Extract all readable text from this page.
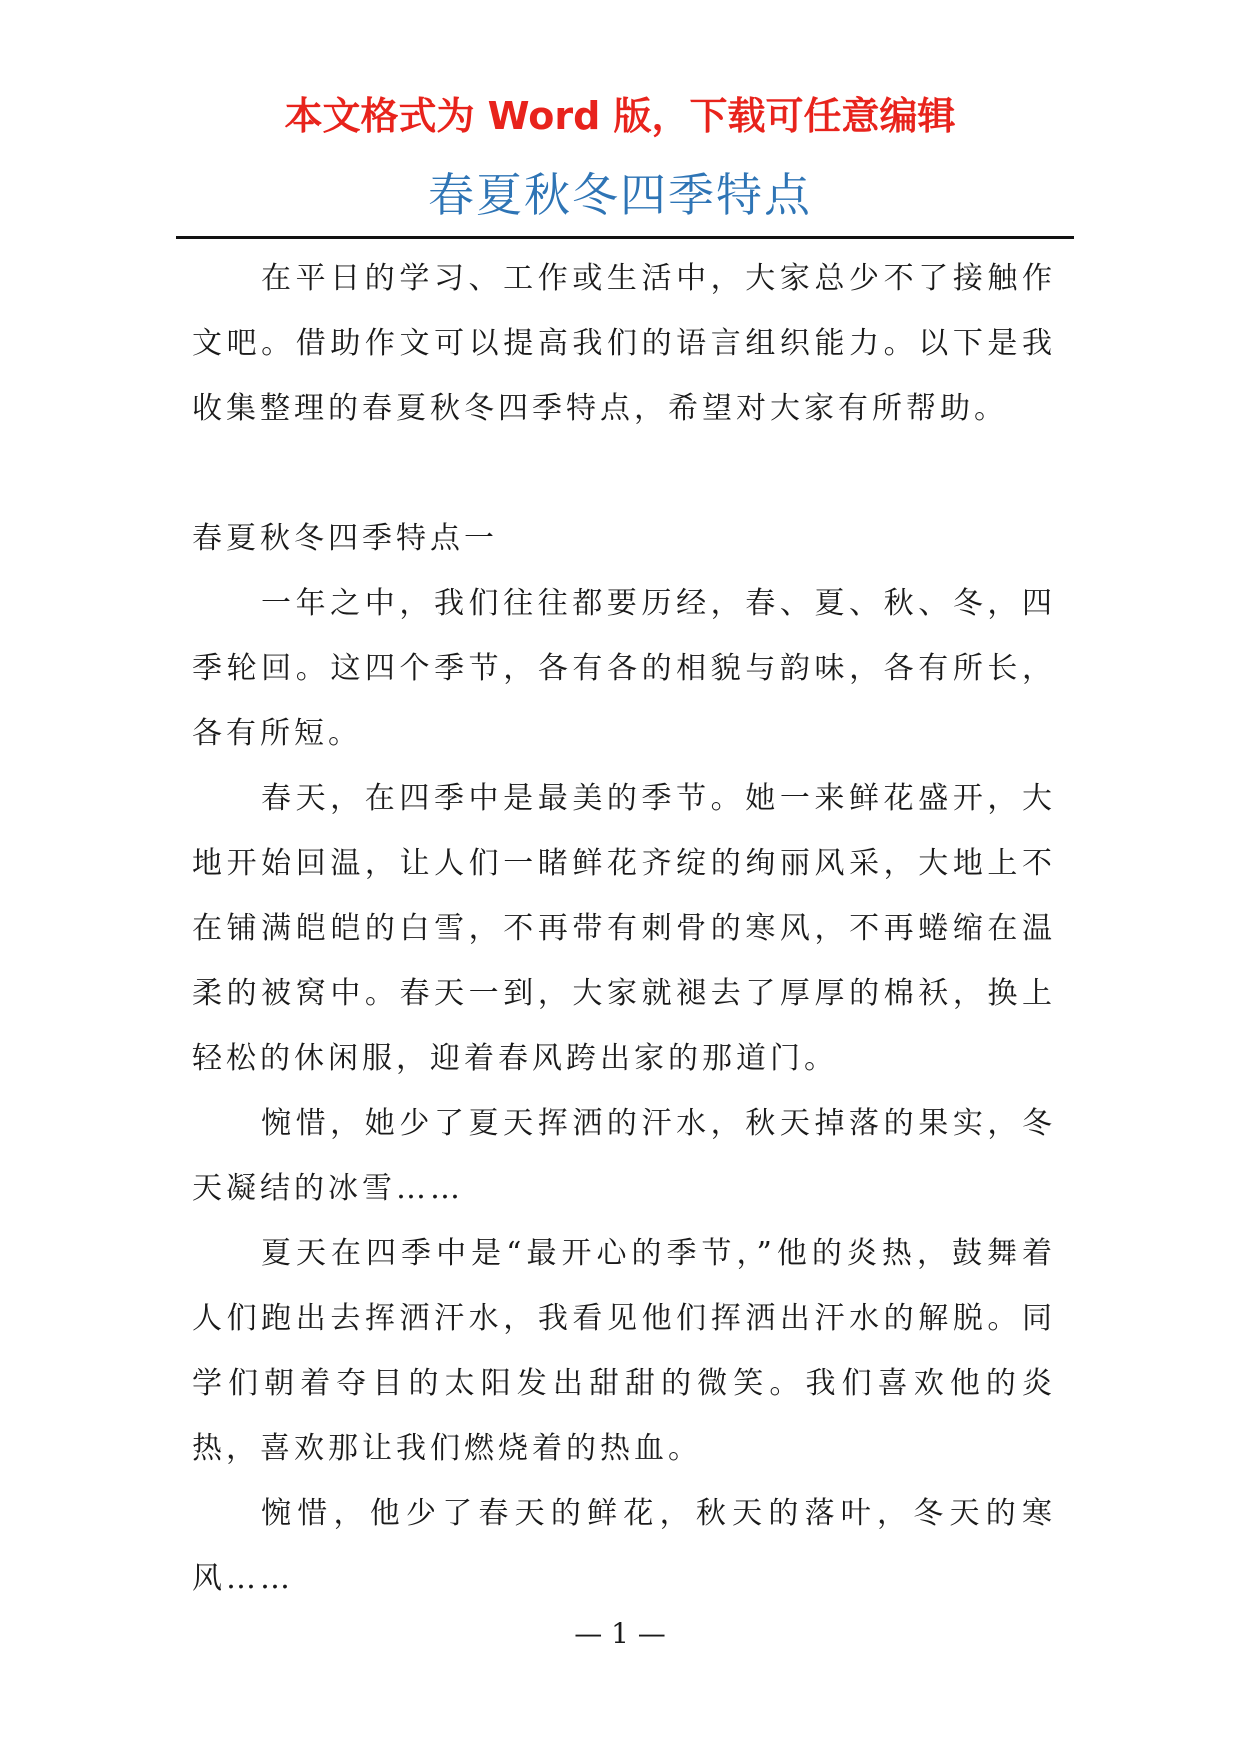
本文格式为 Word 版，下载可任意编辑
春夏秋冬四季特点

在平日的学习、工作或生活中，大家总少不了接触作文吧。借助作文可以提高我们的语言组织能力。以下是我收集整理的春夏秋冬四季特点，希望对大家有所帮助。

春夏秋冬四季特点一

一年之中，我们往往都要历经，春、夏、秋、冬，四季轮回。这四个季节，各有各的相貌与韵味，各有所长，各有所短。

春天，在四季中是最美的季节。她一来鲜花盛开，大地开始回温，让人们一睹鲜花齐绽的绚丽风采，大地上不在铺满皑皑的白雪，不再带有刺骨的寒风，不再蜷缩在温柔的被窝中。春天一到，大家就褪去了厚厚的棉袄，换上轻松的休闲服，迎着春风跨出家的那道门。

惋惜，她少了夏天挥洒的汗水，秋天掉落的果实，冬天凝结的冰雪……

夏天在四季中是“最开心的季节，”他的炎热，鼓舞着人们跑出去挥洒汗水，我看见他们挥洒出汗水的解脱。同学们朝着夺目的太阳发出甜甜的微笑。我们喜欢他的炎热，喜欢那让我们燃烧着的热血。

惋惜，他少了春天的鲜花，秋天的落叶，冬天的寒风……

— 1 —
